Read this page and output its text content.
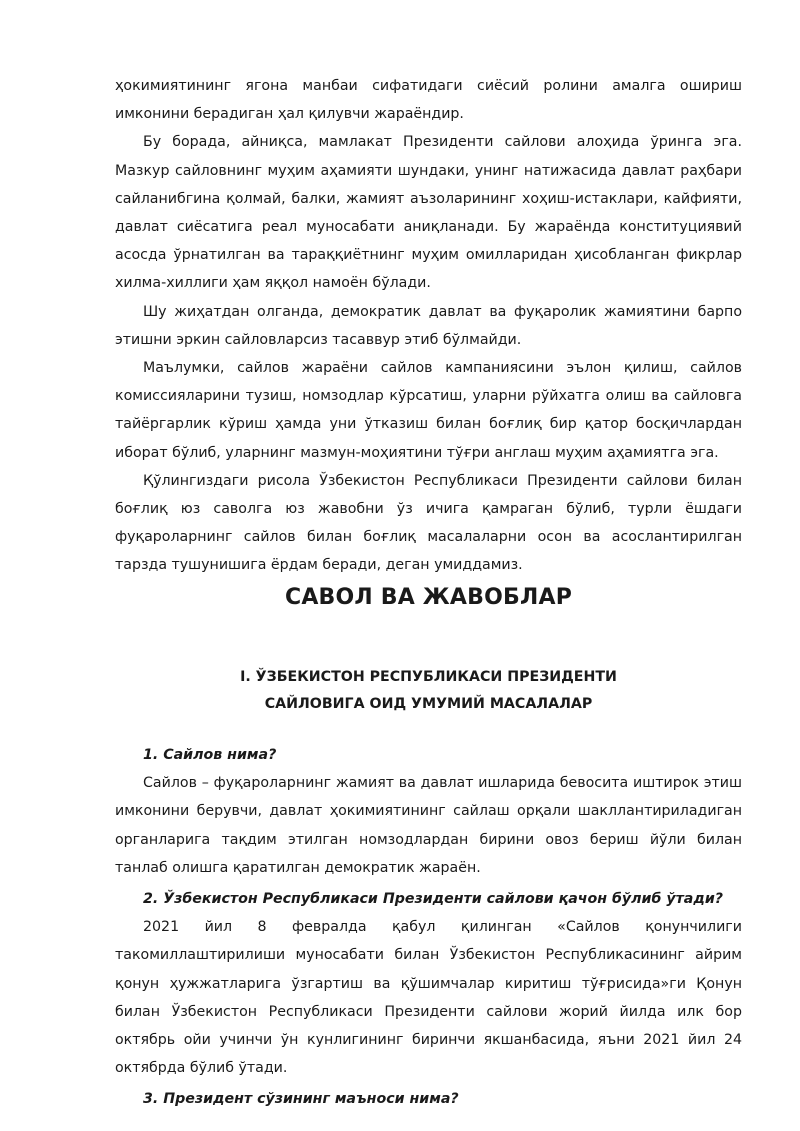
ҳокимиятининг ягона манбаи сифатидаги сиёсий ролини амалга ошириш имконини берадиган ҳал қилувчи жараёндир.

Бу борада, айниқса, мамлакат Президенти сайлови алоҳида ўринга эга. Мазкур сайловнинг муҳим аҳамияти шундаки, унинг натижасида давлат раҳбари сайланибгина қолмай, балки, жамият аъзоларининг хоҳиш-истаклари, кайфияти, давлат сиёсатига реал муносабати аниқланади. Бу жараёнда конституциявий асосда ўрнатилган ва тараққиётнинг муҳим омилларидан ҳисобланган фикрлар хилма-хиллиги ҳам яққол намоён бўлади.

Шу жиҳатдан олганда, демократик давлат ва фуқаролик жамиятини барпо этишни эркин сайловларсиз тасаввур этиб бўлмайди.

Маълумки, сайлов жараёни сайлов кампаниясини эълон қилиш, сайлов комиссияларини тузиш, номзодлар кўрсатиш, уларни рўйхатга олиш ва сайловга тайёргарлик кўриш ҳамда уни ўтказиш билан боғлиқ бир қатор босқичлардан иборат бўлиб, уларнинг мазмун-моҳиятини тўғри англаш муҳим аҳамиятга эга.

Қўлингиздаги рисола Ўзбекистон Республикаси Президенти сайлови билан боғлиқ юз саволга юз жавобни ўз ичига қамраган бўлиб, турли ёшдаги фуқароларнинг сайлов билан боғлиқ масалаларни осон ва асослантирилган тарзда тушунишига ёрдам беради, деган умиддамиз.

САВОЛ ВА ЖАВОБЛАР
I. ЎЗБЕКИСТОН РЕСПУБЛИКАСИ ПРЕЗИДЕНТИ
САЙЛОВИГА ОИД УМУМИЙ МАСАЛАЛАР

1. Сайлов нима?

Сайлов – фуқароларнинг жамият ва давлат ишларида бевосита иштирок этиш имконини берувчи, давлат ҳокимиятининг сайлаш орқали шакллантириладиган органларига тақдим этилган номзодлардан бирини овоз бериш йўли билан танлаб олишга қаратилган демократик жараён.

2. Ўзбекистон Республикаси Президенти сайлови қачон бўлиб ўтади?

2021 йил 8 февралда қабул қилинган «Сайлов қонунчилиги такомиллаштирилиши муносабати билан Ўзбекистон Республикасининг айрим қонун ҳужжатларига ўзгартиш ва қўшимчалар киритиш тўғрисида»ги Қонун билан Ўзбекистон Республикаси Президенти сайлови жорий йилда илк бор октябрь ойи учинчи ўн кунлигининг биринчи якшанбасида, яъни 2021 йил 24 октябрда бўлиб ўтади.

3. Президент сўзининг маъноси нима?
